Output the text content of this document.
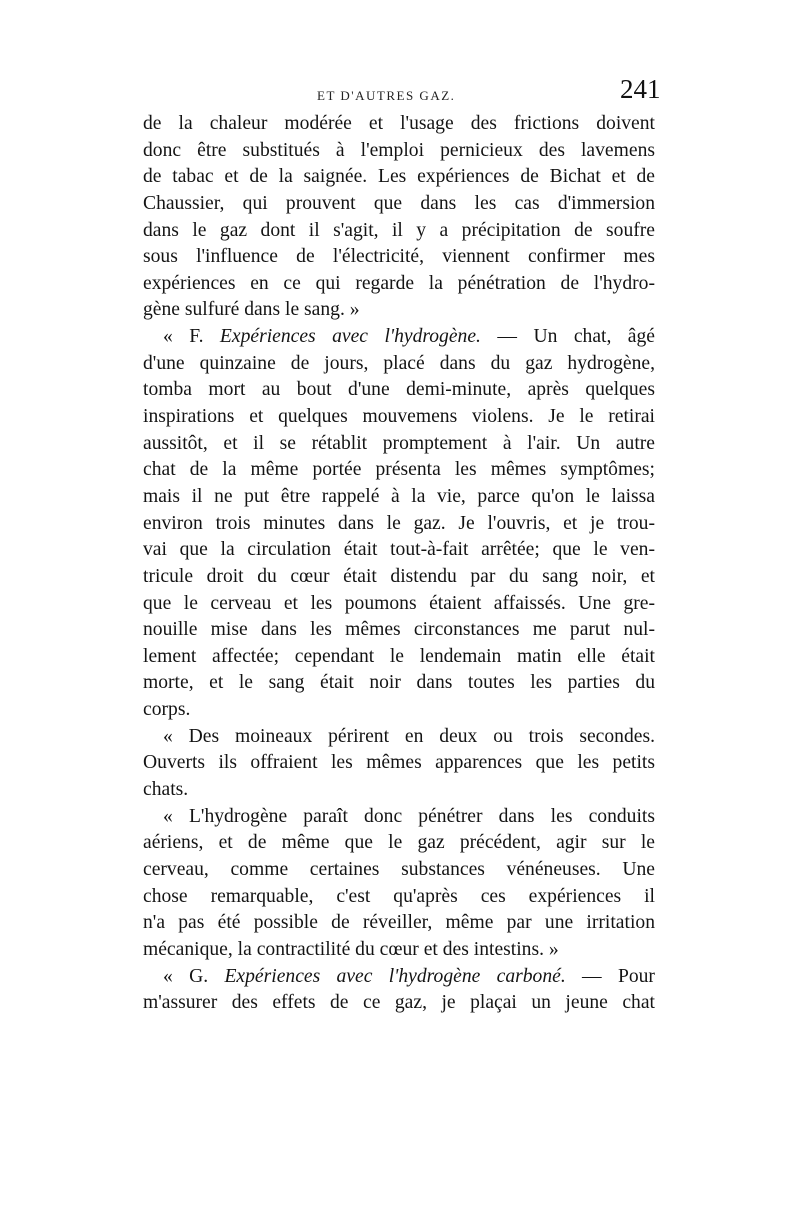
ET D'AUTRES GAZ.	241
de la chaleur modérée et l'usage des frictions doivent
donc être substitués à l'emploi pernicieux des lavemens
de tabac et de la saignée. Les expériences de Bichat et de
Chaussier, qui prouvent que dans les cas d'immersion
dans le gaz dont il s'agit, il y a précipitation de soufre
sous l'influence de l'électricité, viennent confirmer mes
expériences en ce qui regarde la pénétration de l'hydro-
gène sulfuré dans le sang. »
« F. Expériences avec l'hydrogène. — Un chat, âgé
d'une quinzaine de jours, placé dans du gaz hydrogène,
tomba mort au bout d'une demi-minute, après quelques
inspirations et quelques mouvemens violens. Je le retirai
aussitôt, et il se rétablit promptement à l'air. Un autre
chat de la même portée présenta les mêmes symptômes;
mais il ne put être rappelé à la vie, parce qu'on le laissa
environ trois minutes dans le gaz. Je l'ouvris, et je trou-
vai que la circulation était tout-à-fait arrêtée; que le ven-
tricule droit du cœur était distendu par du sang noir, et
que le cerveau et les poumons étaient affaissés. Une gre-
nouille mise dans les mêmes circonstances me parut nul-
lement affectée; cependant le lendemain matin elle était
morte, et le sang était noir dans toutes les parties du
corps.
« Des moineaux périrent en deux ou trois secondes.
Ouverts ils offraient les mêmes apparences que les petits
chats.
« L'hydrogène paraît donc pénétrer dans les conduits
aériens, et de même que le gaz précédent, agir sur le
cerveau, comme certaines substances vénéneuses. Une
chose remarquable, c'est qu'après ces expériences il
n'a pas été possible de réveiller, même par une irritation
mécanique, la contractilité du cœur et des intestins. »
« G. Expériences avec l'hydrogène carboné. — Pour
m'assurer des effets de ce gaz, je plaçai un jeune chat
